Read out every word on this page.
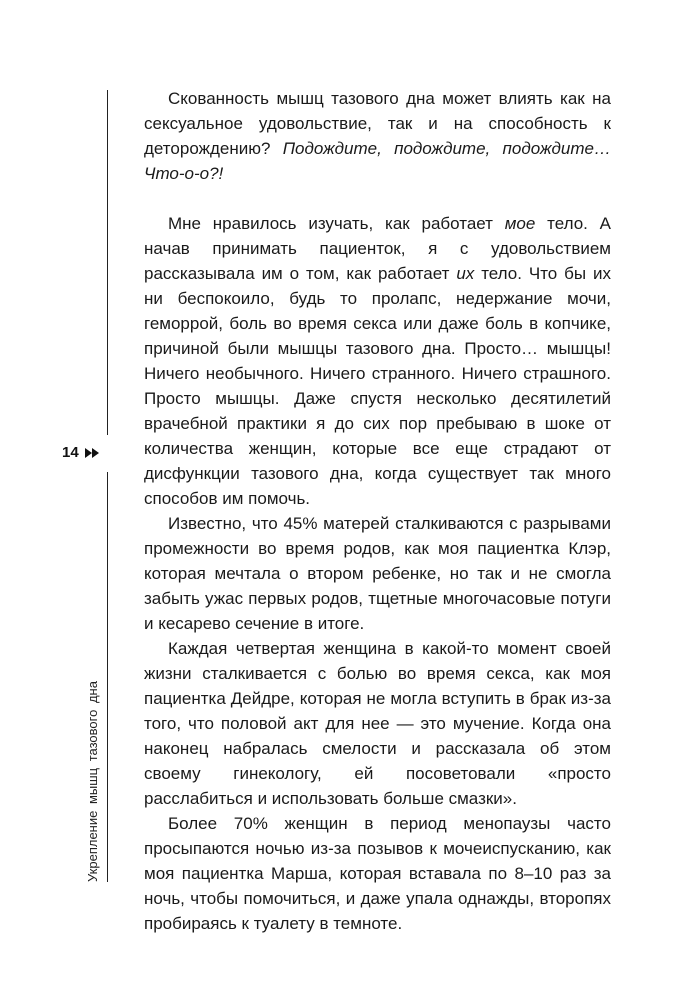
14
Укрепление мышц тазового дна

Скованность мышц тазового дна может влиять как на сексуальное удовольствие, так и на способность к деторождению? Подождите, подождите, подождите… Что-о-о?!

Мне нравилось изучать, как работает мое тело. А начав принимать пациенток, я с удовольствием рассказывала им о том, как работает их тело. Что бы их ни беспокоило, будь то пролапс, недержание мочи, геморрой, боль во время секса или даже боль в копчике, причиной были мышцы тазового дна. Просто… мышцы! Ничего необычного. Ничего странного. Ничего страшного. Просто мышцы. Даже спустя несколько десятилетий врачебной практики я до сих пор пребываю в шоке от количества женщин, которые все еще страдают от дисфункции тазового дна, когда существует так много способов им помочь.

Известно, что 45% матерей сталкиваются с разрывами промежности во время родов, как моя пациентка Клэр, которая мечтала о втором ребенке, но так и не смогла забыть ужас первых родов, тщетные многочасовые потуги и кесарево сечение в итоге.

Каждая четвертая женщина в какой-то момент своей жизни сталкивается с болью во время секса, как моя пациентка Дейдре, которая не могла вступить в брак из-за того, что половой акт для нее — это мучение. Когда она наконец набралась смелости и рассказала об этом своему гинекологу, ей посоветовали «просто расслабиться и использовать больше смазки».

Более 70% женщин в период менопаузы часто просыпаются ночью из-за позывов к мочеиспусканию, как моя пациентка Марша, которая вставала по 8–10 раз за ночь, чтобы помочиться, и даже упала однажды, второпях пробираясь к туалету в темноте.
